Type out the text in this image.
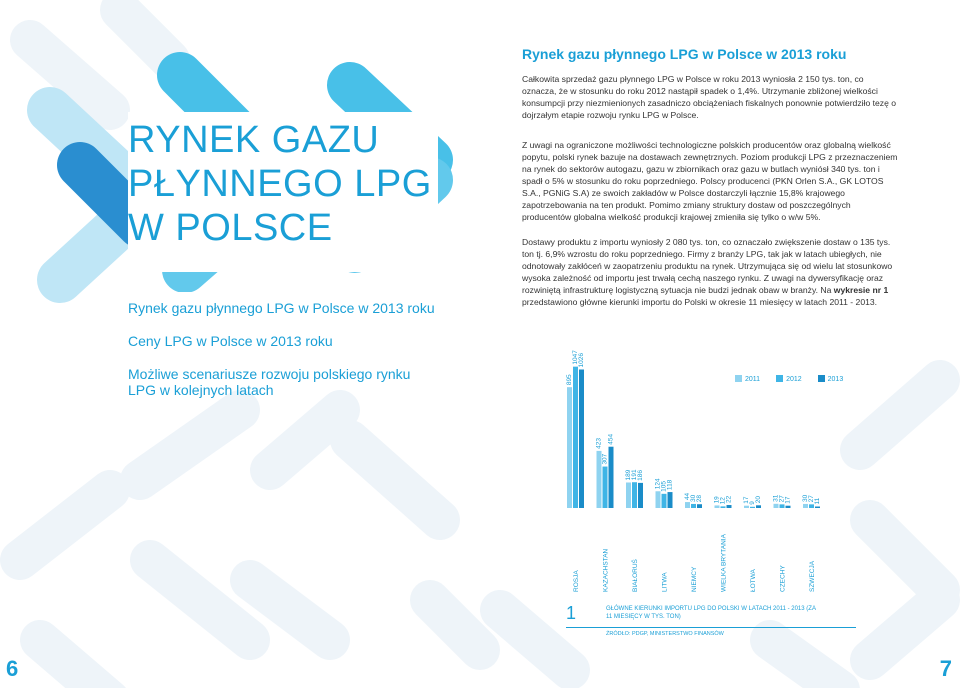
RYNEK GAZU
PŁYNNEGO LPG
W POLSCE

Rynek gazu płynnego LPG w Polsce w 2013 roku

Ceny LPG w Polsce w 2013 roku

Możliwe scenariusze rozwoju polskiego rynku LPG w kolejnych latach

Rynek gazu płynnego LPG w Polsce w 2013 roku

Całkowita sprzedaż gazu płynnego LPG w Polsce w roku 2013 wyniosła 2 150 tys. ton, co oznacza, że w stosunku do roku 2012 nastąpił spadek o 1,4%. Utrzymanie zbliżonej wielkości konsumpcji przy niezmienionych zasadniczo obciążeniach fiskalnych ponownie potwierdziło tezę o dojrzałym etapie rozwoju rynku LPG w Polsce.

Z uwagi na ograniczone możliwości technologiczne polskich producentów oraz globalną wielkość popytu, polski rynek bazuje na dostawach zewnętrznych. Poziom produkcji LPG z przeznaczeniem na rynek do sektorów autogazu, gazu w zbiornikach oraz gazu w butlach wyniósł 340 tys. ton i spadł o 5% w stosunku do roku poprzedniego. Polscy producenci (PKN Orlen S.A., GK LOTOS S.A., PGNiG S.A) ze swoich zakładów w Polsce dostarczyli łącznie 15,8% krajowego zapotrzebowania na ten produkt. Pomimo zmiany struktury dostaw od poszczególnych producentów globalna wielkość produkcji krajowej zmieniła się tylko o w/w 5%.

Dostawy produktu z importu wyniosły 2 080 tys. ton, co oznaczało zwiększenie dostaw o 135 tys. ton tj. 6,9% wzrostu do roku poprzedniego. Firmy z branży LPG, tak jak w latach ubiegłych, nie odnotowały zakłóceń w zaopatrzeniu produktu na rynek. Utrzymująca się od wielu lat stosunkowo wysoka zależność od importu jest trwałą cechą naszego rynku. Z uwagi na dywersyfikację oraz rozwiniętą infrastrukturę logistyczną sytuacja nie budzi jednak obaw w branży. Na wykresie nr 1 przedstawiono główne kierunki importu do Polski w okresie 11 miesięcy w latach 2011 - 2013.

895
1047 1026
ROSJA
423
307
454
KAZACHSTAN
189 191 186
BIAŁORUŚ
124 105 118
LITWA
44 30 28
NIEMCY
19 12 22
WIELKA BRYTANIA
17 9 20
ŁOTWA
31 27 17
CZECHY
30 27 11
SZWECJA
2011	2012	2013
1	GŁÓWNE KIERUNKI IMPORTU LPG DO POLSKI W LATACH 2011 - 2013 (ZA 11 MIESIĘCY W TYS. TON)
ŹRÓDŁO: PDGP, MINISTERSTWO FINANSÓW
6	7
